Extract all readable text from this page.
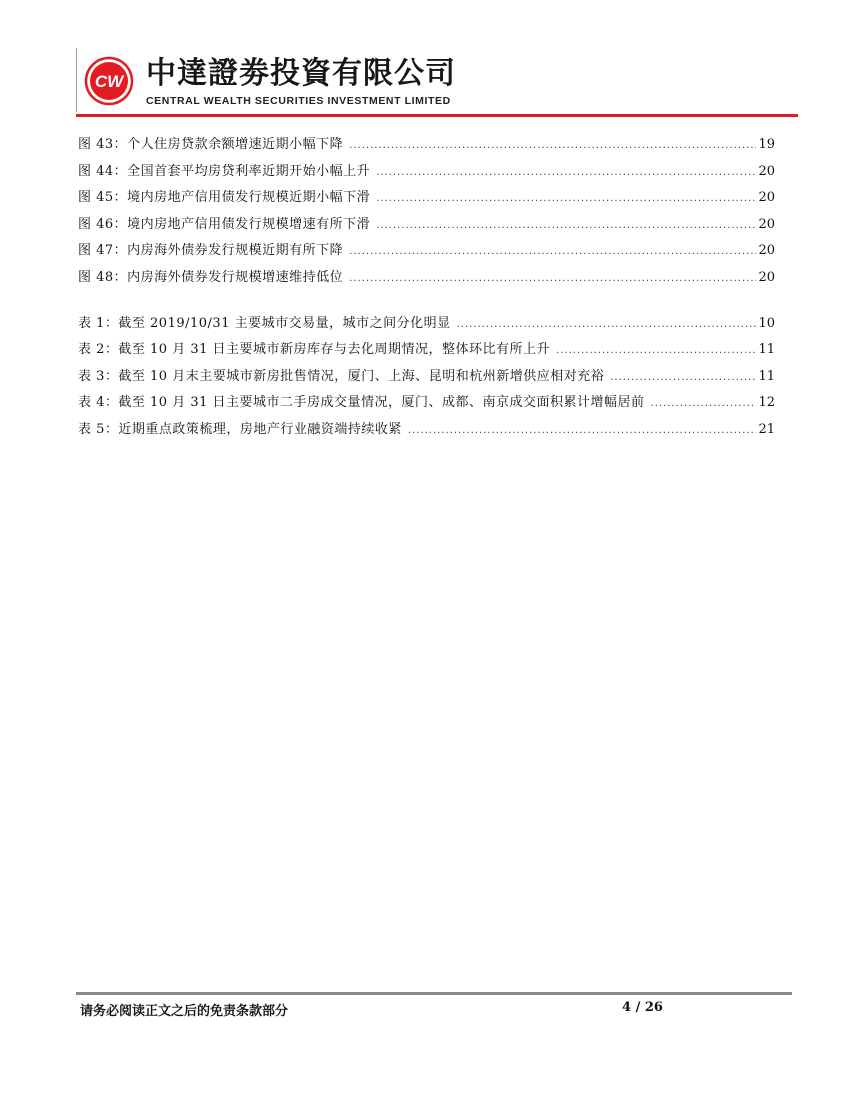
CW 中達證劵投資有限公司
CENTRAL WEALTH SECURITIES INVESTMENT LIMITED
图 43：个人住房贷款余额增速近期小幅下降 .....	19
图 44：全国首套平均房贷利率近期开始小幅上升 .....	20
图 45：境内房地产信用债发行规模近期小幅下滑 .....	20
图 46：境内房地产信用债发行规模增速有所下滑 .....	20
图 47：内房海外债券发行规模近期有所下降 .....	20
图 48：内房海外债券发行规模增速维持低位 .....	20
表 1：截至 2019/10/31 主要城市交易量，城市之间分化明显 .....	10
表 2：截至 10 月 31 日主要城市新房库存与去化周期情况，整体环比有所上升 .....	11
表 3：截至 10 月末主要城市新房批售情况，厦门、上海、昆明和杭州新增供应相对充裕 .....	11
表 4：截至 10 月 31 日主要城市二手房成交量情况，厦门、成都、南京成交面积累计增幅居前 .....	12
表 5：近期重点政策梳理，房地产行业融资端持续收紧 .....	21
请务必阅读正文之后的免责条款部分	4 / 26
